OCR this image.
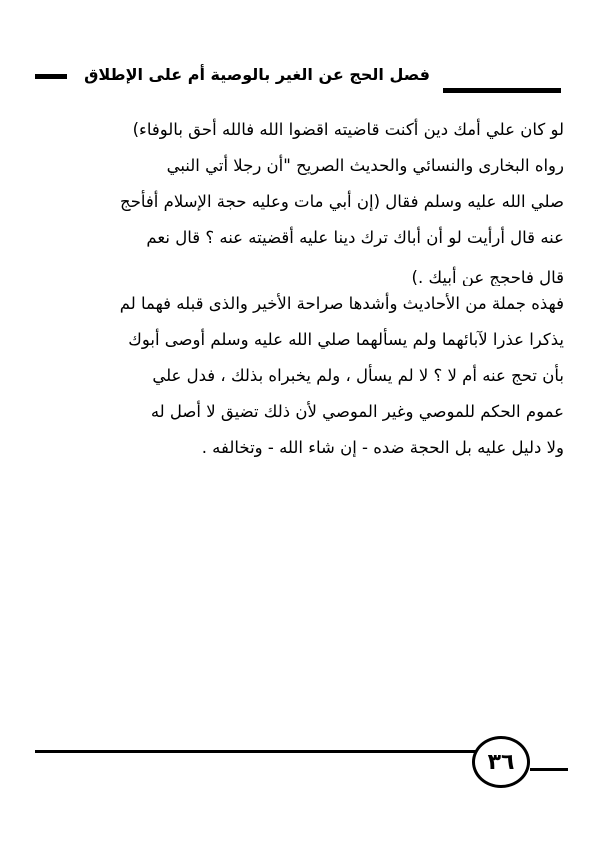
فصل الحج عن الغير بالوصية أم على الإطلاق
لو كان علي أمك دين أكنت قاضيته اقضوا الله فالله أحق بالوفاء)
رواه البخارى والنسائي والحديث الصريح "أن رجلا أتي النبي
صلي الله عليه وسلم فقال (إن أبي مات وعليه حجة الإسلام أفأحج
عنه قال أرأيت لو أن أباك ترك دينا عليه أقضيته عنه ؟ قال نعم
قال فاحجج عن أبيك .)
فهذه جملة من الأحاديث وأشدها صراحة الأخير والذى قبله فهما لم
يذكرا عذرا لآبائهما ولم يسألهما صلي الله عليه وسلم أوصى أبوك
بأن تحج عنه أم لا ؟ لا لم يسأل ، ولم يخبراه بذلك ، فدل علي
عموم الحكم للموصي وغير الموصي لأن ذلك تضيق لا أصل له
ولا دليل عليه بل الحجة ضده - إن شاء الله - وتخالفه .
٣٦
